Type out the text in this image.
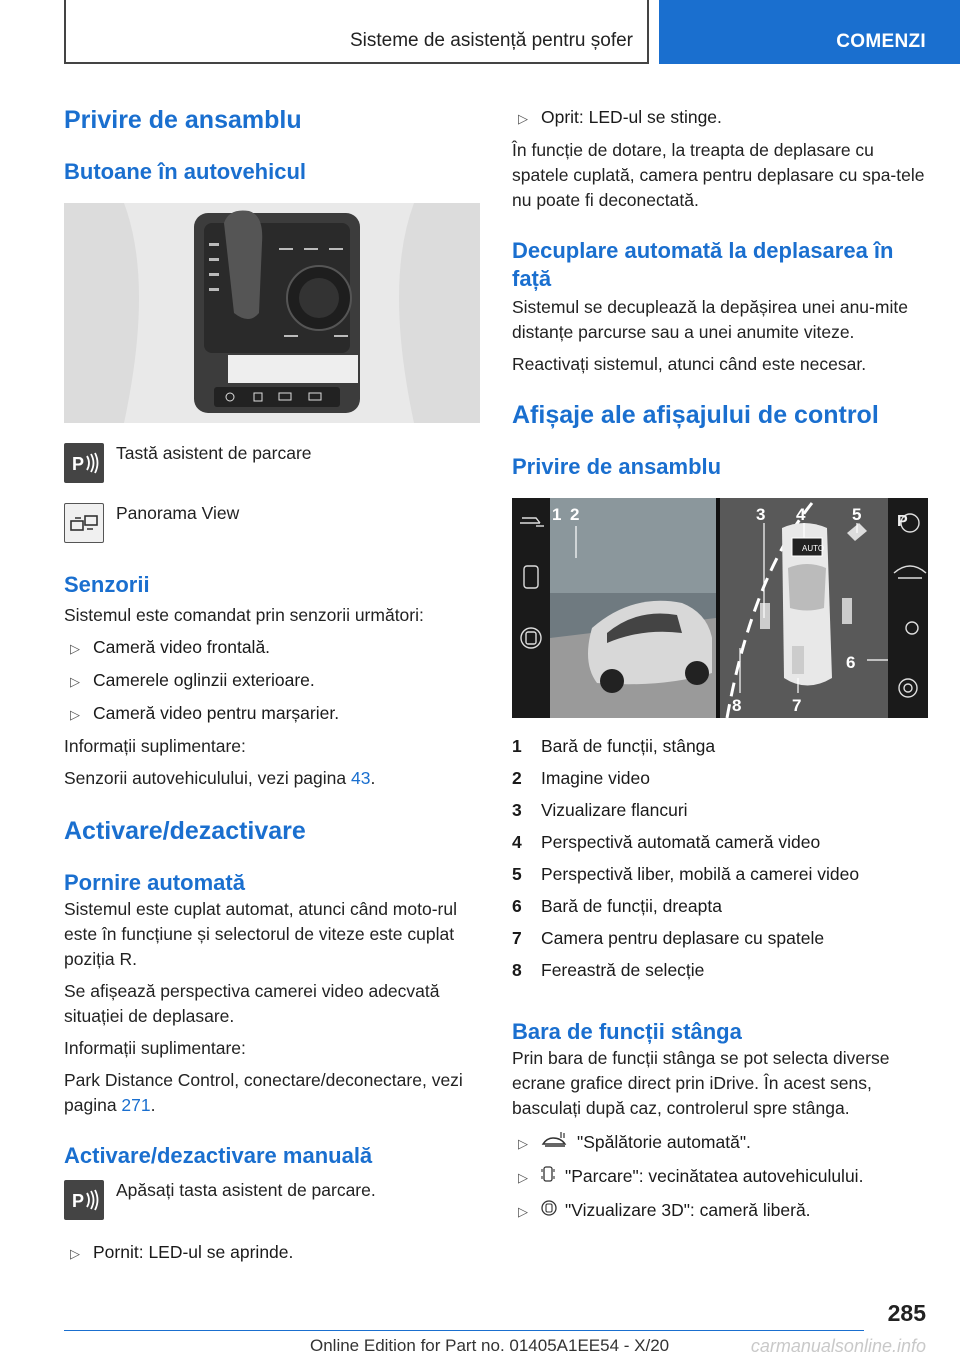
Sisteme de asistență pentru șofer	COMENZI
Privire de ansamblu
Butoane în autovehicul
P
Tastă asistent de parcare
Panorama View
Senzorii

Sistemul este comandat prin senzorii următori:

▷ Cameră video frontală.
▷ Camerele oglinzii exterioare.
▷ Cameră video pentru marșarier.

Informații suplimentare:

Senzorii autovehiculului, vezi pagina 43.

Activare/dezactivare
Pornire automată

Sistemul este cuplat automat, atunci când moto-rul este în funcțiune și selectorul de viteze este cuplat poziția R.

Se afișează perspectiva camerei video adecvată situației de deplasare.

Informații suplimentare:

Park Distance Control, conectare/deconectare, vezi pagina 271.

Activare/dezactivare manuală
P
Apăsați tasta asistent de parcare.
▷ Pornit: LED-ul se aprinde.
▷ Oprit: LED-ul se stinge.

În funcție de dotare, la treapta de deplasare cu spatele cuplată, camera pentru deplasare cu spa-tele nu poate fi deconectată.

Decuplare automată la deplasarea în față

Sistemul se decuplează la depășirea unei anu-mite distanțe parcurse sau a unei anumite viteze.

Reactivați sistemul, atunci când este necesar.

Afișaje ale afișajului de control
Privire de ansamblu
AUTO
P
1 2	3 4	5
6
7
8
1	Bară de funcții, stânga
2	Imagine video
3	Vizualizare flancuri
4	Perspectivă automată cameră video
5	Perspectivă liber, mobilă a camerei video
6	Bară de funcții, dreapta
7	Camera pentru deplasare cu spatele
8	Fereastră de selecție
Bara de funcții stânga

Prin bara de funcții stânga se pot selecta diverse ecrane grafice direct prin iDrive. În acest sens, basculați după caz, controlerul spre stânga.

▷	"Spălătorie automată".
▷	"Parcare": vecinătatea autovehiculului.
▷	"Vizualizare 3D": cameră liberă.
285
Online Edition for Part no. 01405A1EE54 - X/20	carmanualsonline.info
